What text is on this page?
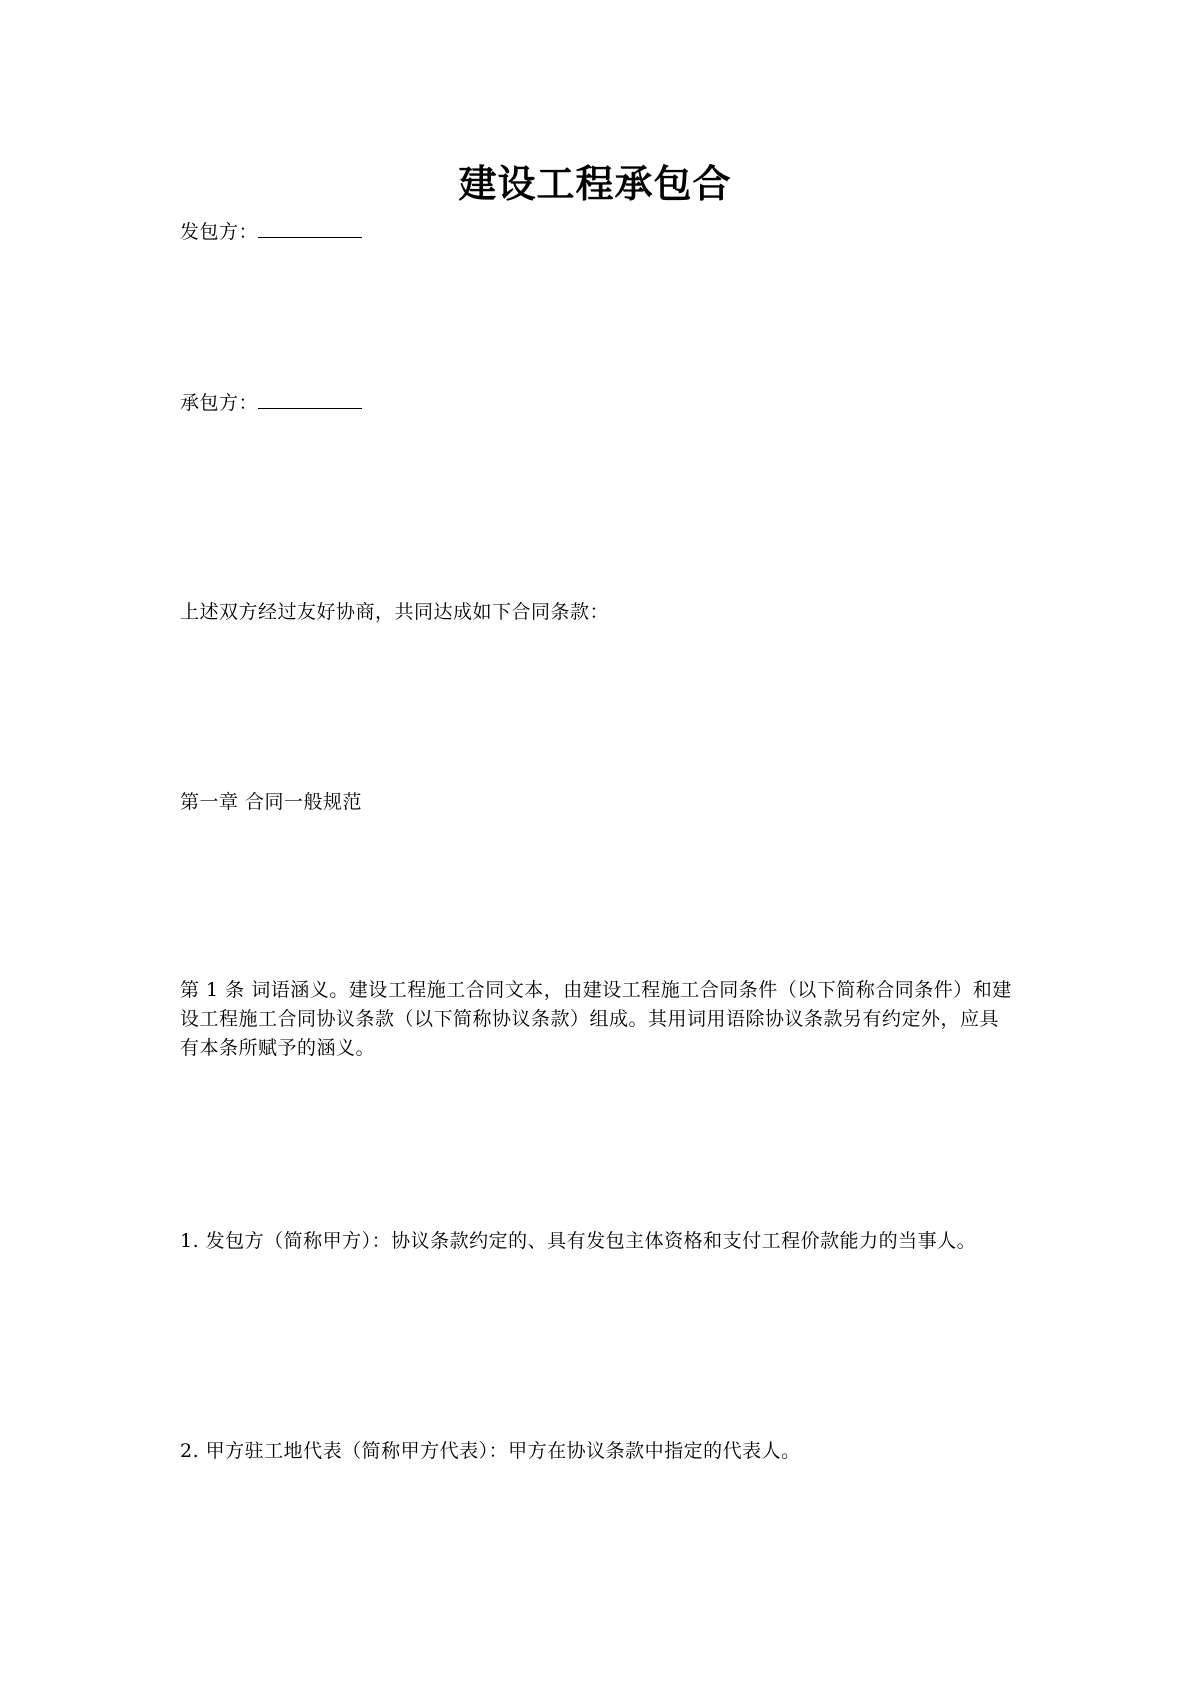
建设工程承包合
发包方：
承包方：
上述双方经过友好协商，共同达成如下合同条款：
第一章 合同一般规范
第 1 条 词语涵义。建设工程施工合同文本，由建设工程施工合同条件（以下简称合同条件）和建设工程施工合同协议条款（以下简称协议条款）组成。其用词用语除协议条款另有约定外，应具有本条所赋予的涵义。
1. 发包方（简称甲方）：协议条款约定的、具有发包主体资格和支付工程价款能力的当事人。
2. 甲方驻工地代表（简称甲方代表）：甲方在协议条款中指定的代表人。
